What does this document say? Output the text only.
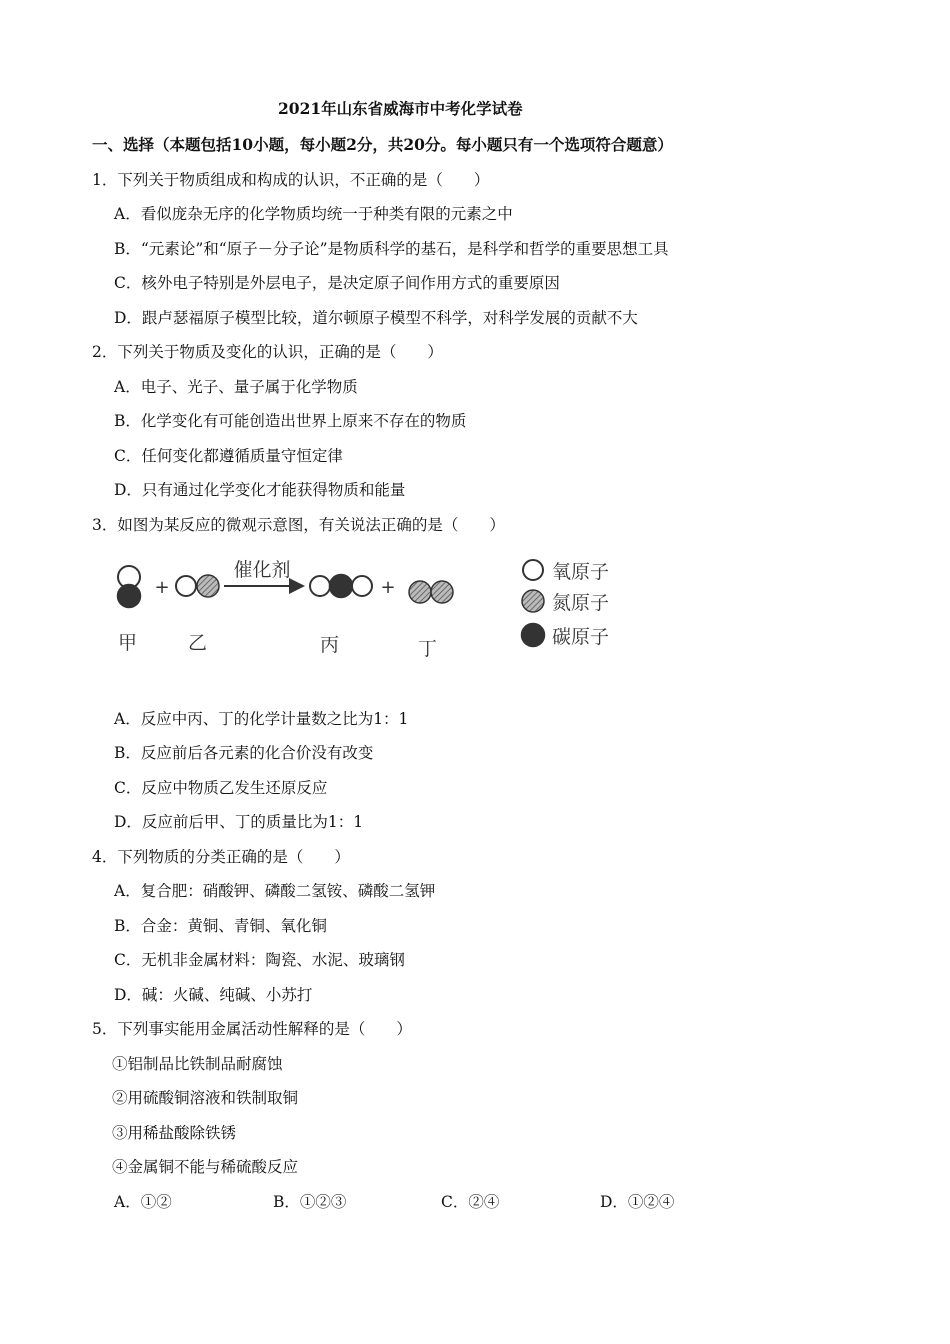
2021年山东省威海市中考化学试卷
一、选择（本题包括10小题，每小题2分，共20分。每小题只有一个选项符合题意）
1．下列关于物质组成和构成的认识，不正确的是（　　）
A．看似庞杂无序的化学物质均统一于种类有限的元素之中
B．“元素论”和“原子－分子论”是物质科学的基石，是科学和哲学的重要思想工具
C．核外电子特别是外层电子，是决定原子间作用方式的重要原因
D．跟卢瑟福原子模型比较，道尔顿原子模型不科学，对科学发展的贡献不大
2．下列关于物质及变化的认识，正确的是（　　）
A．电子、光子、量子属于化学物质
B．化学变化有可能创造出世界上原来不存在的物质
C．任何变化都遵循质量守恒定律
D．只有通过化学变化才能获得物质和能量
3．如图为某反应的微观示意图，有关说法正确的是（　　）
+
催化剂
+
甲	乙	丙	丁
氧原子
氮原子
碳原子
A．反应中丙、丁的化学计量数之比为1：1
B．反应前后各元素的化合价没有改变
C．反应中物质乙发生还原反应
D．反应前后甲、丁的质量比为1：1
4．下列物质的分类正确的是（　　）
A．复合肥：硝酸钾、磷酸二氢铵、磷酸二氢钾
B．合金：黄铜、青铜、氧化铜
C．无机非金属材料：陶瓷、水泥、玻璃钢
D．碱：火碱、纯碱、小苏打
5．下列事实能用金属活动性解释的是（　　）
①铝制品比铁制品耐腐蚀
②用硫酸铜溶液和铁制取铜
③用稀盐酸除铁锈
④金属铜不能与稀硫酸反应
A．①②	B．①②③	C．②④	D．①②④
